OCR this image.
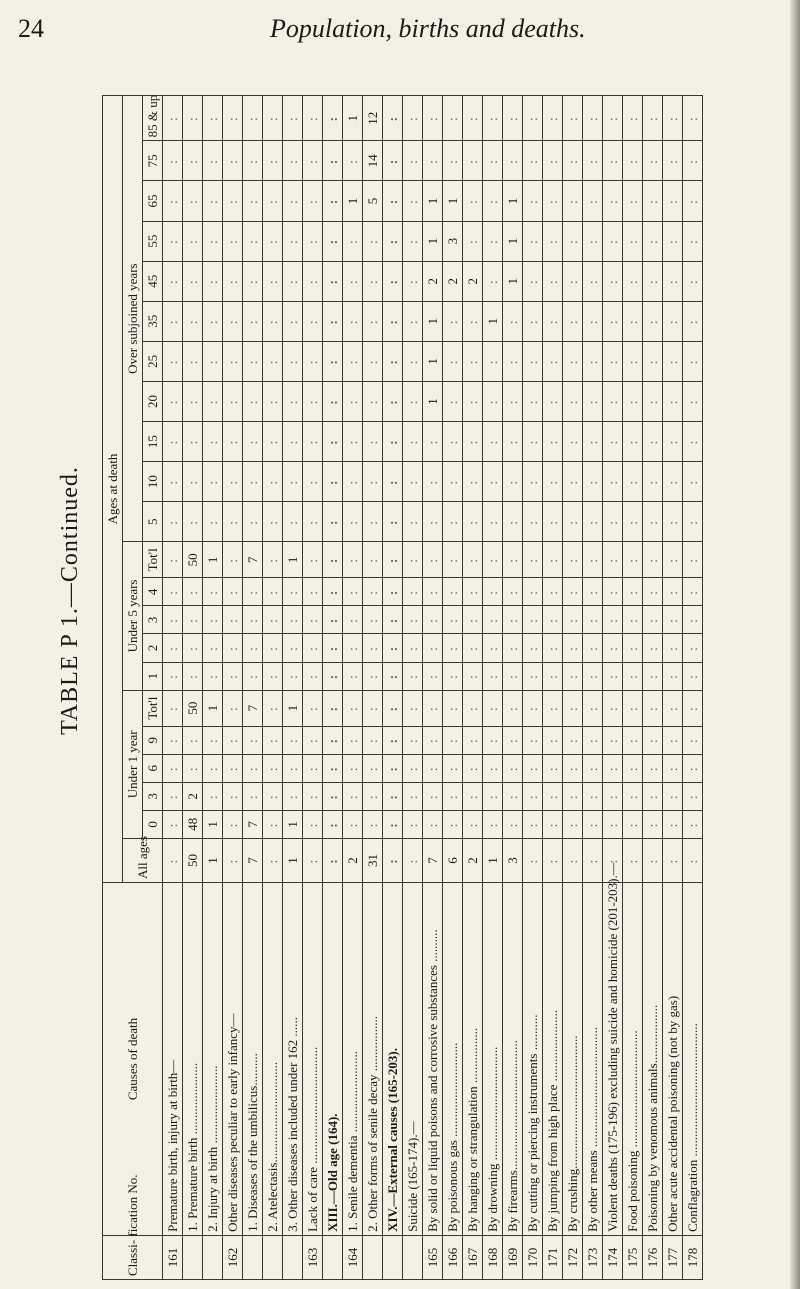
24	Population, births and deaths.
TABLE P 1.—Continued.
Classi- fication No.	Causes of death	Ages at death																					
		All ages	Under 1 year					Under 5 years					Over subjoined years										
			0	3	6	9	Tot'l	1	2	3	4	Tot'l	5	10	15	20	25	35	45	55	65	75	85 & up
161	Premature birth, injury at birth—	:	:	:	:	:	:	:	:	:	:	:	:	:	:	:	:	:	:	:	:	:	:
	1. Premature birth ......................	50	48	2	:	:	50	:	:	:	:	50	:	:	:	:	:	:	:	:	:	:	:
	2. Injury at birth ........................	1	1	:	:	:	1	:	:	:	:	1	:	:	:	:	:	:	:	:	:	:	:
162	Other diseases peculiar to early infancy—	:	:	:	:	:	:	:	:	:	:	:	:	:	:	:	:	:	:	:	:	:	:
	1. Diseases of the umbilicus..........	7	7	:	:	:	7	:	:	:	:	7	:	:	:	:	:	:	:	:	:	:	:
	2. Atelectasis...............................	:	:	:	:	:	:	:	:	:	:	:	:	:	:	:	:	:	:	:	:	:	:
	3. Other diseases included under 162 ......	1	1	:	:	:	1	:	:	:	:	1	:	:	:	:	:	:	:	:	:	:	:
163	Lack of care ....................................	:	:	:	:	:	:	:	:	:	:	:	:	:	:	:	:	:	:	:	:	:	:
	XIII.—Old age (164).	:	:	:	:	:	:	:	:	:	:	:	:	:	:	:	:	:	:	:	:	:	:
164	1. Senile dementia .........................	2	:	:	:	:	:	:	:	:	:	:	:	:	:	:	:	:	:	:	1	:	1
	2. Other forms of senile decay .................	31	:	:	:	:	:	:	:	:	:	:	:	:	:	:	:	:	:	:	5	14	12
	XIV.—External causes (165-203).	:	:	:	:	:	:	:	:	:	:	:	:	:	:	:	:	:	:	:	:	:	:
	Suicide (165-174).—	:	:	:	:	:	:	:	:	:	:	:	:	:	:	:	:	:	:	:	:	:	:
165	By solid or liquid poisons and corrosive substances ..........	7	:	:	:	:	:	:	:	:	:	:	:	:	:	1	1	1	2	1	1	:	:
166	By poisonous gas .............................	6	:	:	:	:	:	:	:	:	:	:	:	:	:	:	:	:	2	3	1	:	:
167	By hanging or strangulation .................	2	:	:	:	:	:	:	:	:	:	:	:	:	:	:	:	:	2	:	:	:	:
168	By drowning ...................................	1	:	:	:	:	:	:	:	:	:	:	:	:	:	:	:	1	:	:	:	:	:
169	By firearms........................................	3	:	:	:	:	:	:	:	:	:	:	:	:	:	:	:	:	1	1	1	:	:
170	By cutting or piercing instruments ...........	:	:	:	:	:	:	:	:	:	:	:	:	:	:	:	:	:	:	:	:	:	:
171	By jumping from high place ......................	:	:	:	:	:	:	:	:	:	:	:	:	:	:	:	:	:	:	:	:	:	:
172	By crushing.........................................	:	:	:	:	:	:	:	:	:	:	:	:	:	:	:	:	:	:	:	:	:	:
173	By other means .....................................	:	:	:	:	:	:	:	:	:	:	:	:	:	:	:	:	:	:	:	:	:	:
174	Violent deaths (175-196) excluding suicide and homicide (201-203).—	:	:	:	:	:	:	:	:	:	:	:	:	:	:	:	:	:	:	:	:	:	:
175	Food poisoning ....................................	:	:	:	:	:	:	:	:	:	:	:	:	:	:	:	:	:	:	:	:	:	:
176	Poisoning by venomous animals..................	:	:	:	:	:	:	:	:	:	:	:	:	:	:	:	:	:	:	:	:	:	:
177	Other acute accidental poisoning (not by gas)	:	:	:	:	:	:	:	:	:	:	:	:	:	:	:	:	:	:	:	:	:	:
178	Conflagration .........................................	:	:	:	:	:	:	:	:	:	:	:	:	:	:	:	:	:	:	:	:	:	:
